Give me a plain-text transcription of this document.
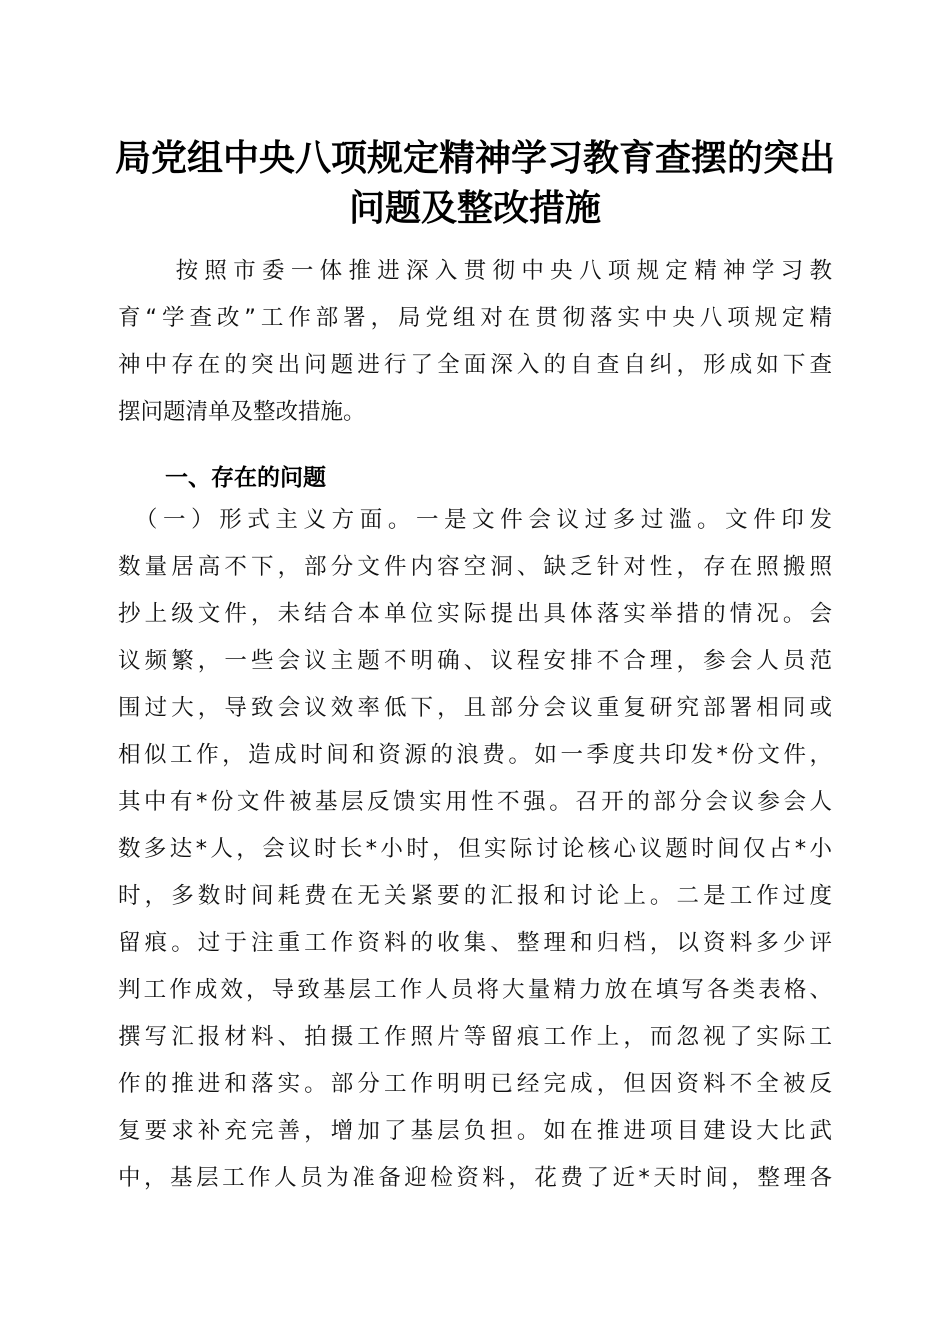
局党组中央八项规定精神学习教育查摆的突出
问题及整改措施
　　按照市委一体推进深入贯彻中央八项规定精神学习教
育“学查改”工作部署，局党组对在贯彻落实中央八项规定精
神中存在的突出问题进行了全面深入的自查自纠，形成如下查
摆问题清单及整改措施。
一、存在的问题
　（一）形式主义方面。一是文件会议过多过滥。文件印发
数量居高不下，部分文件内容空洞、缺乏针对性，存在照搬照
抄上级文件，未结合本单位实际提出具体落实举措的情况。会
议频繁，一些会议主题不明确、议程安排不合理，参会人员范
围过大，导致会议效率低下，且部分会议重复研究部署相同或
相似工作，造成时间和资源的浪费。如一季度共印发*份文件，
其中有*份文件被基层反馈实用性不强。召开的部分会议参会人
数多达*人，会议时长*小时，但实际讨论核心议题时间仅占*小
时，多数时间耗费在无关紧要的汇报和讨论上。二是工作过度
留痕。过于注重工作资料的收集、整理和归档，以资料多少评
判工作成效，导致基层工作人员将大量精力放在填写各类表格、
撰写汇报材料、拍摄工作照片等留痕工作上，而忽视了实际工
作的推进和落实。部分工作明明已经完成，但因资料不全被反
复要求补充完善，增加了基层负担。如在推进项目建设大比武
中，基层工作人员为准备迎检资料，花费了近*天时间，整理各
